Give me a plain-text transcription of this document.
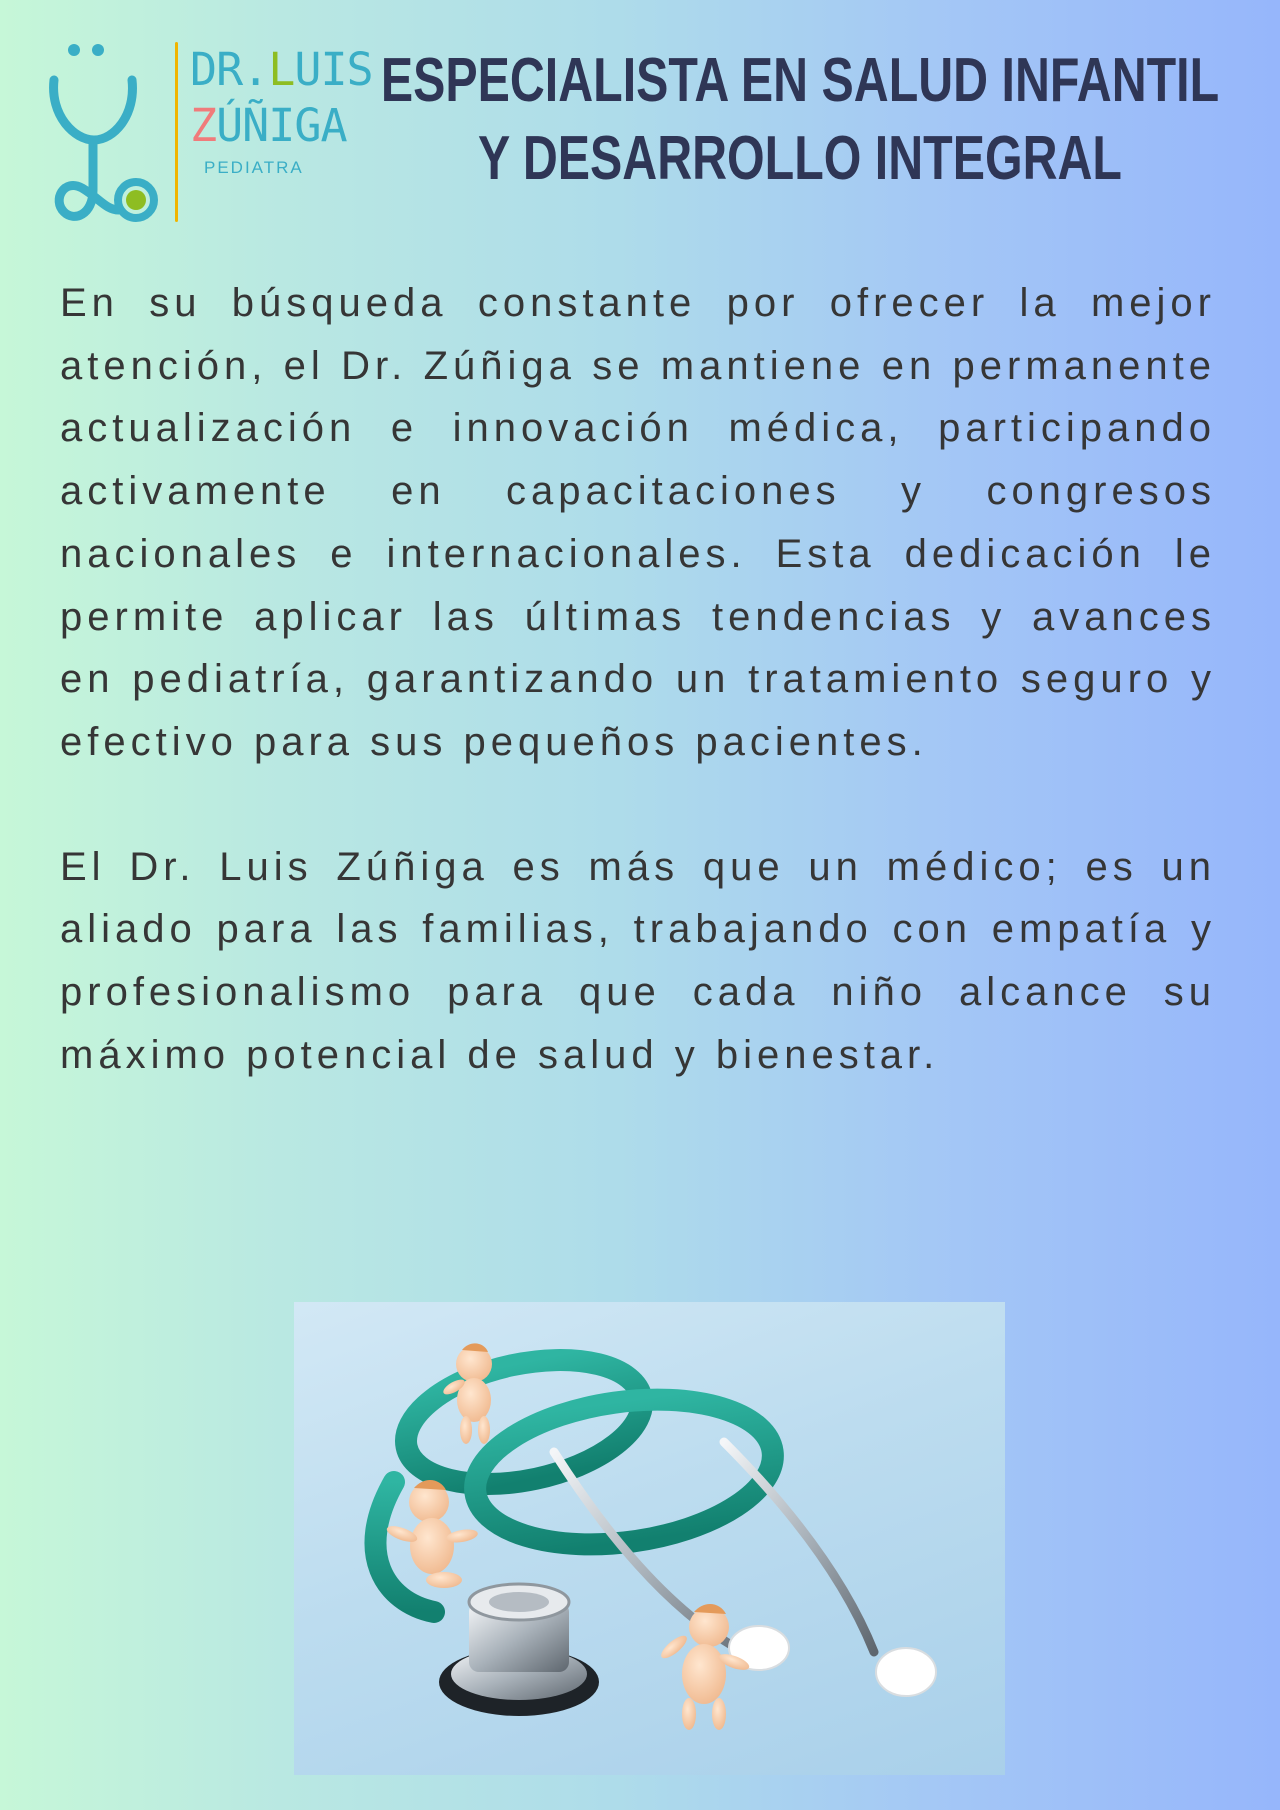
DR.LUIS
ZÚÑIGA
PEDIATRA
ESPECIALISTA EN SALUD INFANTIL
Y DESARROLLO INTEGRAL

En su búsqueda constante por ofrecer la mejor atención, el Dr. Zúñiga se mantiene en permanente actualización e innovación médica, participando activamente en capacitaciones y congresos nacionales e internacionales. Esta dedicación le permite aplicar las últimas tendencias y avances en pediatría, garantizando un tratamiento seguro y efectivo para sus pequeños pacientes.

El Dr. Luis Zúñiga es más que un médico; es un aliado para las familias, trabajando con empatía y profesionalismo para que cada niño alcance su máximo potencial de salud y bienestar.
